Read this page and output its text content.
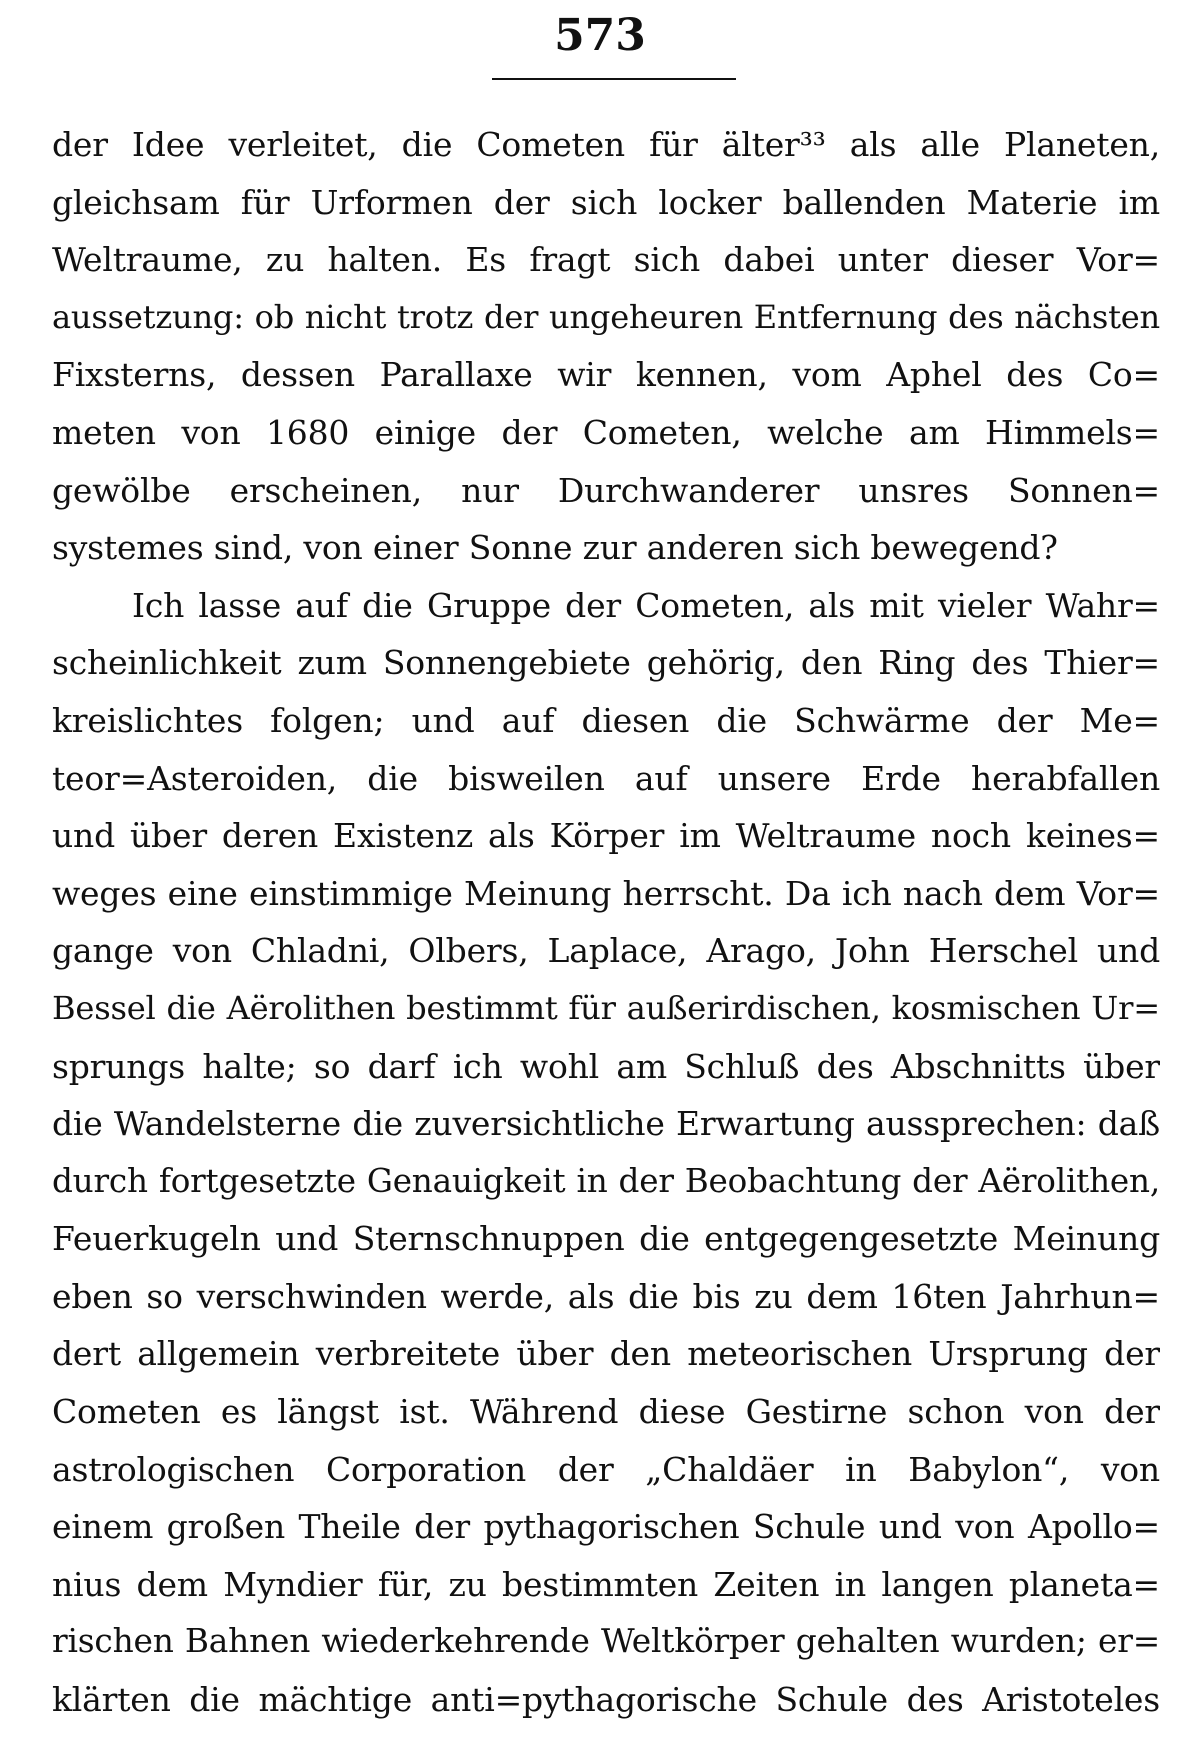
573
der Idee verleitet, die Cometen für älter³³ als alle Planeten,
gleichsam für Urformen der sich locker ballenden Materie im
Weltraume, zu halten. Es fragt sich dabei unter dieser Vor=
aussetzung: ob nicht trotz der ungeheuren Entfernung des nächsten
Fixsterns, dessen Parallaxe wir kennen, vom Aphel des Co=
meten von 1680 einige der Cometen, welche am Himmels=
gewölbe erscheinen, nur Durchwanderer unsres Sonnen=
systemes sind, von einer Sonne zur anderen sich bewegend?
Ich lasse auf die Gruppe der Cometen, als mit vieler Wahr=
scheinlichkeit zum Sonnengebiete gehörig, den Ring des Thier=
kreislichtes folgen; und auf diesen die Schwärme der Me=
teor=Asteroiden, die bisweilen auf unsere Erde herabfallen
und über deren Existenz als Körper im Weltraume noch keines=
weges eine einstimmige Meinung herrscht. Da ich nach dem Vor=
gange von Chladni, Olbers, Laplace, Arago, John Herschel und
Bessel die Aërolithen bestimmt für außerirdischen, kosmischen Ur=
sprungs halte; so darf ich wohl am Schluß des Abschnitts über
die Wandelsterne die zuversichtliche Erwartung aussprechen: daß
durch fortgesetzte Genauigkeit in der Beobachtung der Aërolithen,
Feuerkugeln und Sternschnuppen die entgegengesetzte Meinung
eben so verschwinden werde, als die bis zu dem 16ten Jahrhun=
dert allgemein verbreitete über den meteorischen Ursprung der
Cometen es längst ist. Während diese Gestirne schon von der
astrologischen Corporation der „Chaldäer in Babylon“, von
einem großen Theile der pythagorischen Schule und von Apollo=
nius dem Myndier für, zu bestimmten Zeiten in langen planeta=
rischen Bahnen wiederkehrende Weltkörper gehalten wurden; er=
klärten die mächtige anti=pythagorische Schule des Aristoteles
